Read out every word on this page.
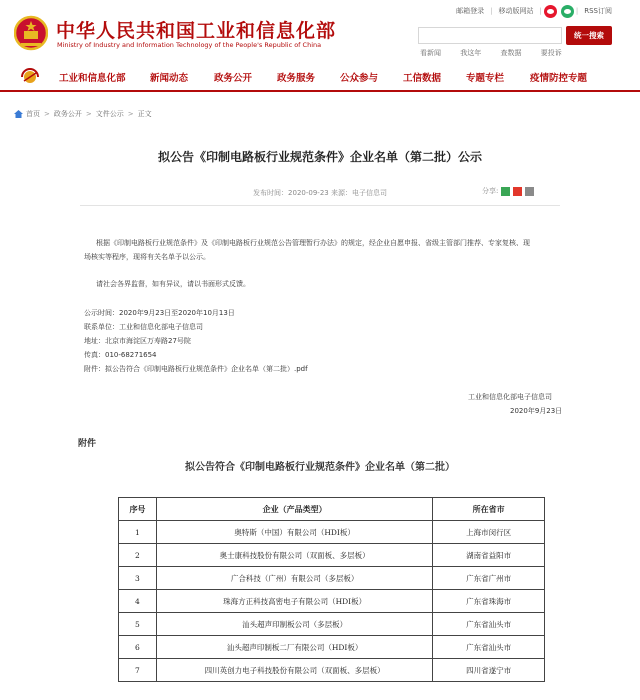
中华人民共和国工业和信息化部
Ministry of Industry and Information Technology of the People's Republic of China
邮箱登录 | 移动版网站 |	| RSS订阅
统一搜索
看新闻	我这年	查数据	要投诉
工业和信息化部	新闻动态	政务公开	政务服务	公众参与	工信数据	专题专栏	疫情防控专题
首页 > 政务公开 > 文件公示 > 正文
拟公告《印制电路板行业规范条件》企业名单（第二批）公示
发布时间：2020-09-23 来源：电子信息司	分享:
根据《印制电路板行业规范条件》及《印制电路板行业规范公告管理暂行办法》的规定，经企业自愿申报、省级主管部门推荐、专家复核、现
场核实等程序，现将有关名单予以公示。
请社会各界监督，如有异议，请以书面形式反馈。
公示时间：2020年9月23日至2020年10月13日
联系单位：工业和信息化部电子信息司
地址：北京市海淀区万寿路27号院
传真：010-68271654
附件：拟公告符合《印制电路板行业规范条件》企业名单（第二批）.pdf
工业和信息化部电子信息司
2020年9月23日
附件
拟公告符合《印制电路板行业规范条件》企业名单（第二批）
序号	企业（产品类型）	所在省市
1	奥特斯（中国）有限公司（HDI板）	上海市闵行区
2	奥士康科技股份有限公司（双面板、多层板）	湖南省益阳市
3	广合科技（广州）有限公司（多层板）	广东省广州市
4	珠海方正科技高密电子有限公司（HDI板）	广东省珠海市
5	汕头超声印制板公司（多层板）	广东省汕头市
6	汕头超声印制板二厂有限公司（HDI板）	广东省汕头市
7	四川英创力电子科技股份有限公司（双面板、多层板）	四川省遂宁市
